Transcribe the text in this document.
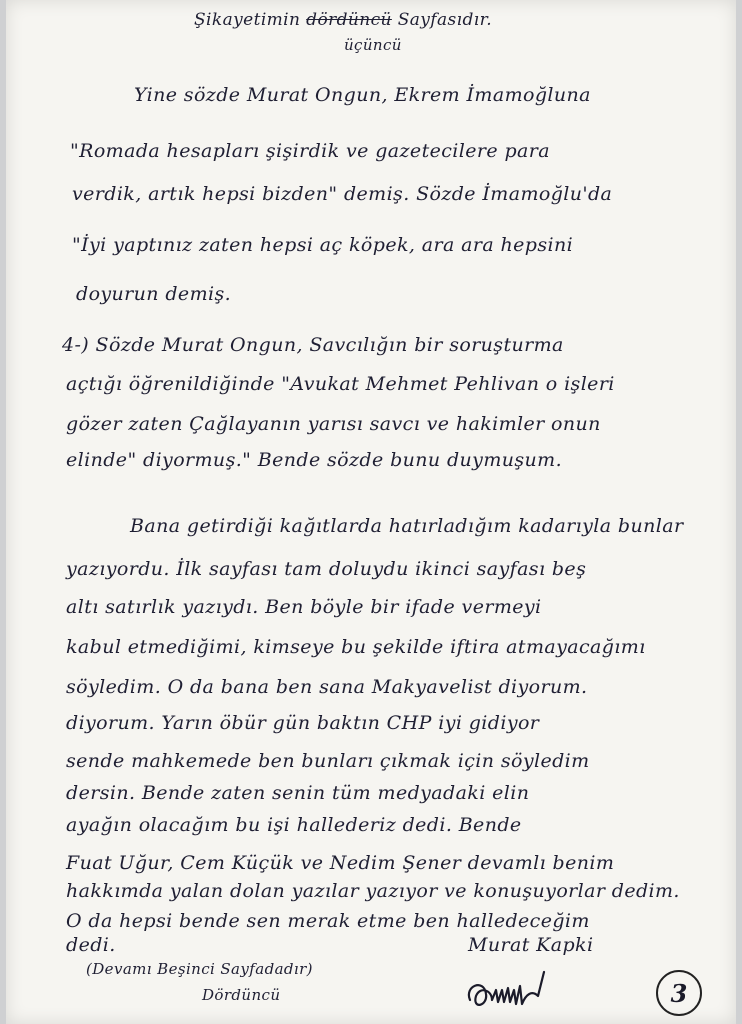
Şikayetimin dördüncü Sayfasıdır.
üçüncü
Yine sözde Murat Ongun, Ekrem İmamoğluna
"Romada hesapları şişirdik ve gazetecilere para
verdik, artık hepsi bizden" demiş. Sözde İmamoğlu'da
"İyi yaptınız zaten hepsi aç köpek, ara ara hepsini
doyurun demiş.
4-) Sözde Murat Ongun, Savcılığın bir soruşturma
açtığı öğrenildiğinde "Avukat Mehmet Pehlivan o işleri
gözer zaten Çağlayanın yarısı savcı ve hakimler onun
elinde" diyormuş." Bende sözde bunu duymuşum.
Bana getirdiği kağıtlarda hatırladığım kadarıyla bunlar
yazıyordu. İlk sayfası tam doluydu ikinci sayfası beş
altı satırlık yazıydı. Ben böyle bir ifade vermeyi
kabul etmediğimi, kimseye bu şekilde iftira atmayacağımı
söyledim. O da bana ben sana Makyavelist diyorum.
diyorum. Yarın öbür gün baktın CHP iyi gidiyor
sende mahkemede ben bunları çıkmak için söyledim
dersin. Bende zaten senin tüm medyadaki elin
ayağın olacağım bu işi hallederiz dedi. Bende
Fuat Uğur, Cem Küçük ve Nedim Şener devamlı benim
hakkımda yalan dolan yazılar yazıyor ve konuşuyorlar dedim.
O da hepsi bende sen merak etme ben halledeceğim
dedi.	Murat Kapki
(Devamı Beşinci Sayfadadır)
Dördüncü	3
